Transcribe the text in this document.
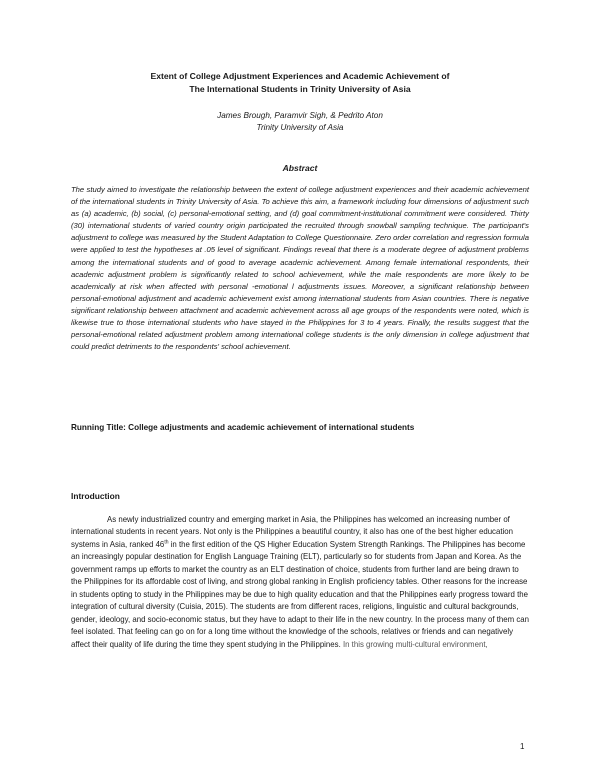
Extent of College Adjustment Experiences and Academic Achievement of
The International Students in Trinity University of Asia
James Brough, Paramvir Sigh, & Pedrito Aton
Trinity University of Asia
Abstract

The study aimed to investigate the relationship between the extent of college adjustment experiences and their academic achievement of the international students in Trinity University of Asia. To achieve this aim, a framework including four dimensions of adjustment such as (a) academic, (b) social, (c) personal-emotional setting, and (d) goal commitment-institutional commitment were considered. Thirty (30) international students of varied country origin participated the recruited through snowball sampling technique. The participant's adjustment to college was measured by the Student Adaptation to College Questionnaire. Zero order correlation and regression formula were applied to test the hypotheses at .05 level of significant. Findings reveal that there is a moderate degree of adjustment problems among the international students and of good to average academic achievement. Among female international respondents, their academic adjustment problem is significantly related to school achievement, while the male respondents are more likely to be academically at risk when affected with personal -emotional l adjustments issues. Moreover, a significant relationship between personal-emotional adjustment and academic achievement exist among international students from Asian countries. There is negative significant relationship between attachment and academic achievement across all age groups of the respondents were noted, which is likewise true to those international students who have stayed in the Philippines for 3 to 4 years. Finally, the results suggest that the personal-emotional related adjustment problem among international college students is the only dimension in college adjustment that could predict detriments to the respondents' school achievement.

Running Title: College adjustments and academic achievement of international students

Introduction

As newly industrialized country and emerging market in Asia, the Philippines has welcomed an increasing number of international students in recent years. Not only is the Philippines a beautiful country, it also has one of the best higher education systems in Asia, ranked 46th in the first edition of the QS Higher Education System Strength Rankings. The Philippines has become an increasingly popular destination for English Language Training (ELT), particularly so for students from Japan and Korea. As the government ramps up efforts to market the country as an ELT destination of choice, students from further land are being drawn to the Philippines for its affordable cost of living, and strong global ranking in English proficiency tables. Other reasons for the increase in students opting to study in the Philippines may be due to high quality education and that the Philippines early progress toward the integration of cultural diversity (Cuisia, 2015). The students are from different races, religions, linguistic and cultural backgrounds, gender, ideology, and socio-economic status, but they have to adapt to their life in the new country. In the process many of them can feel isolated. That feeling can go on for a long time without the knowledge of the schools, relatives or friends and can negatively affect their quality of life during the time they spent studying in the Philippines. In this growing multi-cultural environment,

1
